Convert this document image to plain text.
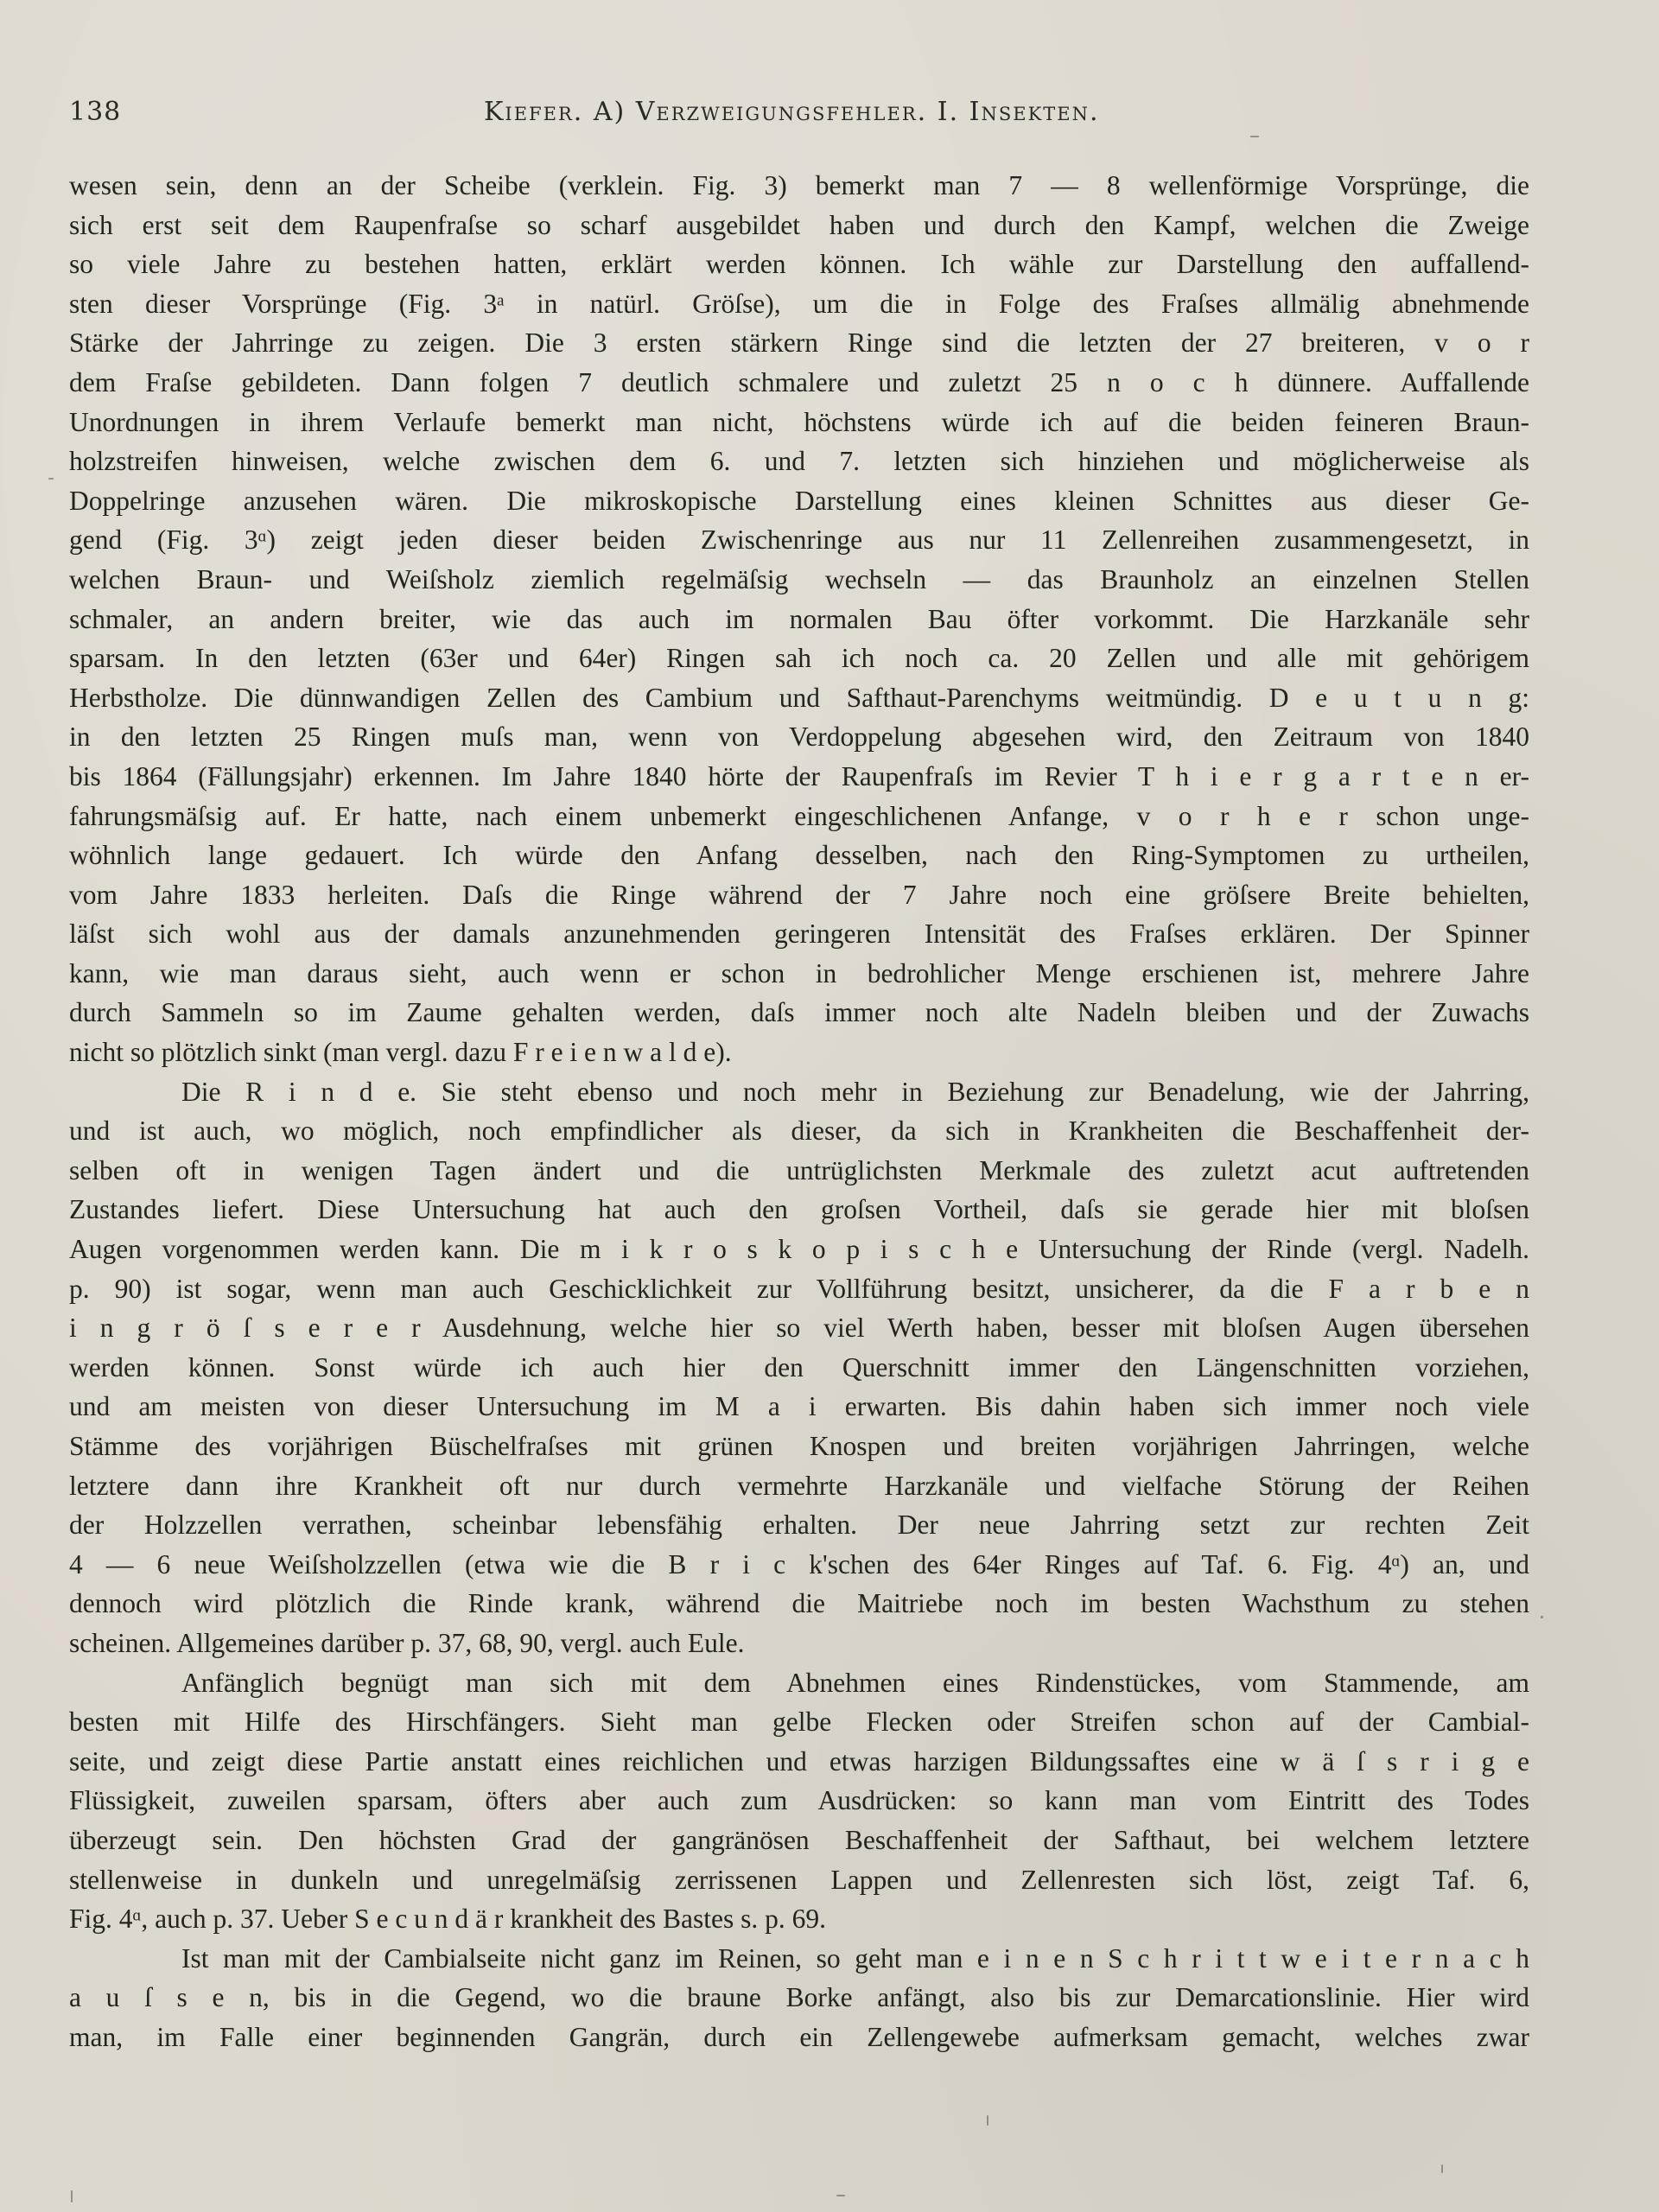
138	Kiefer. A) Verzweigungsfehler. I. Insekten.
wesen sein, denn an der Scheibe (verklein. Fig. 3) bemerkt man 7 — 8 wellenförmige Vorsprünge, die
sich erst seit dem Raupenfraſse so scharf ausgebildet haben und durch den Kampf, welchen die Zweige
so viele Jahre zu bestehen hatten, erklärt werden können. Ich wähle zur Darstellung den auffallend-
sten dieser Vorsprünge (Fig. 3ᵃ in natürl. Gröſse), um die in Folge des Fraſses allmälig abnehmende
Stärke der Jahrringe zu zeigen. Die 3 ersten stärkern Ringe sind die letzten der 27 breiteren, v o r
dem Fraſse gebildeten. Dann folgen 7 deutlich schmalere und zuletzt 25 n o c h dünnere. Auffallende
Unordnungen in ihrem Verlaufe bemerkt man nicht, höchstens würde ich auf die beiden feineren Braun-
holzstreifen hinweisen, welche zwischen dem 6. und 7. letzten sich hinziehen und möglicherweise als
Doppelringe anzusehen wären. Die mikroskopische Darstellung eines kleinen Schnittes aus dieser Ge-
gend (Fig. 3ᵅ) zeigt jeden dieser beiden Zwischenringe aus nur 11 Zellenreihen zusammengesetzt, in
welchen Braun- und Weiſsholz ziemlich regelmäſsig wechseln — das Braunholz an einzelnen Stellen
schmaler, an andern breiter, wie das auch im normalen Bau öfter vorkommt. Die Harzkanäle sehr
sparsam. In den letzten (63er und 64er) Ringen sah ich noch ca. 20 Zellen und alle mit gehörigem
Herbstholze. Die dünnwandigen Zellen des Cambium und Safthaut-Parenchyms weitmündig. D e u t u n g:
in den letzten 25 Ringen muſs man, wenn von Verdoppelung abgesehen wird, den Zeitraum von 1840
bis 1864 (Fällungsjahr) erkennen. Im Jahre 1840 hörte der Raupenfraſs im Revier T h i e r g a r t e n er-
fahrungsmäſsig auf. Er hatte, nach einem unbemerkt eingeschlichenen Anfange, v o r h e r schon unge-
wöhnlich lange gedauert. Ich würde den Anfang desselben, nach den Ring-Symptomen zu urtheilen,
vom Jahre 1833 herleiten. Daſs die Ringe während der 7 Jahre noch eine gröſsere Breite behielten,
läſst sich wohl aus der damals anzunehmenden geringeren Intensität des Fraſses erklären. Der Spinner
kann, wie man daraus sieht, auch wenn er schon in bedrohlicher Menge erschienen ist, mehrere Jahre
durch Sammeln so im Zaume gehalten werden, daſs immer noch alte Nadeln bleiben und der Zuwachs
nicht so plötzlich sinkt (man vergl. dazu F r e i e n w a l d e).
Die R i n d e. Sie steht ebenso und noch mehr in Beziehung zur Benadelung, wie der Jahrring,
und ist auch, wo möglich, noch empfindlicher als dieser, da sich in Krankheiten die Beschaffenheit der-
selben oft in wenigen Tagen ändert und die untrüglichsten Merkmale des zuletzt acut auftretenden
Zustandes liefert. Diese Untersuchung hat auch den groſsen Vortheil, daſs sie gerade hier mit bloſsen
Augen vorgenommen werden kann. Die m i k r o s k o p i s c h e Untersuchung der Rinde (vergl. Nadelh.
p. 90) ist sogar, wenn man auch Geschicklichkeit zur Vollführung besitzt, unsicherer, da die F a r b e n
i n g r ö ſ s e r e r Ausdehnung, welche hier so viel Werth haben, besser mit bloſsen Augen übersehen
werden können. Sonst würde ich auch hier den Querschnitt immer den Längenschnitten vorziehen,
und am meisten von dieser Untersuchung im M a i erwarten. Bis dahin haben sich immer noch viele
Stämme des vorjährigen Büschelfraſses mit grünen Knospen und breiten vorjährigen Jahrringen, welche
letztere dann ihre Krankheit oft nur durch vermehrte Harzkanäle und vielfache Störung der Reihen
der Holzzellen verrathen, scheinbar lebensfähig erhalten. Der neue Jahrring setzt zur rechten Zeit
4 — 6 neue Weiſsholzzellen (etwa wie die B r i c k'schen des 64er Ringes auf Taf. 6. Fig. 4ᵅ) an, und
dennoch wird plötzlich die Rinde krank, während die Maitriebe noch im besten Wachsthum zu stehen
scheinen. Allgemeines darüber p. 37, 68, 90, vergl. auch Eule.
Anfänglich begnügt man sich mit dem Abnehmen eines Rindenstückes, vom Stammende, am
besten mit Hilfe des Hirschfängers. Sieht man gelbe Flecken oder Streifen schon auf der Cambial-
seite, und zeigt diese Partie anstatt eines reichlichen und etwas harzigen Bildungssaftes eine w ä ſ s r i g e
Flüssigkeit, zuweilen sparsam, öfters aber auch zum Ausdrücken: so kann man vom Eintritt des Todes
überzeugt sein. Den höchsten Grad der gangränösen Beschaffenheit der Safthaut, bei welchem letztere
stellenweise in dunkeln und unregelmäſsig zerrissenen Lappen und Zellenresten sich löst, zeigt Taf. 6,
Fig. 4ᵅ, auch p. 37. Ueber S e c u n d ä r krankheit des Bastes s. p. 69.
Ist man mit der Cambialseite nicht ganz im Reinen, so geht man e i n e n S c h r i t t w e i t e r n a c h
a u ſ s e n, bis in die Gegend, wo die braune Borke anfängt, also bis zur Demarcationslinie. Hier wird
man, im Falle einer beginnenden Gangrän, durch ein Zellengewebe aufmerksam gemacht, welches zwar
